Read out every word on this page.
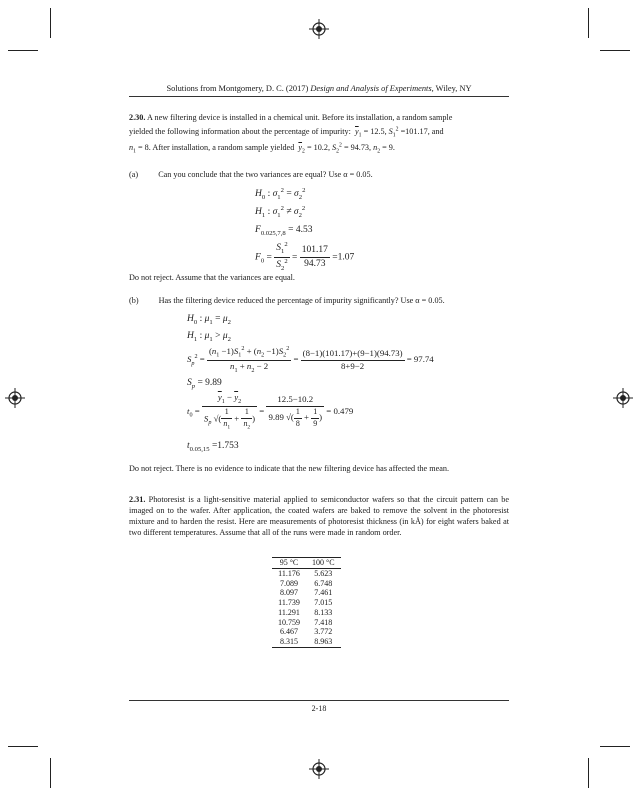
Solutions from Montgomery, D. C. (2017) Design and Analysis of Experiments, Wiley, NY
2.30. A new filtering device is installed in a chemical unit. Before its installation, a random sample
yielded the following information about the percentage of impurity: $\overline{y}_1 = 12.5$, $S_1^2 =101.17$, and
$n_1 = 8$. After installation, a random sample yielded $\overline{y}_2 = 10.2$, $S_2^2 = 94.73$, $n_2 = 9$.
(a) Can you conclude that the two variances are equal? Use α = 0.05.
$H_0$ : $\sigma_1^2 = \sigma_2^2$
$H_1$ : $\sigma_1^2 \ne \sigma_2^2$
$F_{0.025,7,8} = 4.53$
$F_0 = \frac{S_1^2}{S_2^2} = \frac{101.17}{94.73} =1.07$
Do not reject. Assume that the variances are equal.
(b) Has the filtering device reduced the percentage of impurity significantly? Use α = 0.05.
$H_0$ : $\mu_1 = \mu_2$
$H_1$ : $\mu_1 > \mu_2$
$S_p^2 = \frac{(n_1 -1)S_1^2 + (n_2 -1)S_2^2}{n_1 + n_2 - 2} = \frac{(8-1)(101.17)+(9-1)(94.73)}{8+9-2} = 97.74$
$S_p = 9.89$
$t_0 = \frac{\overline{y}_1 - \overline{y}_2}{S_p √( \frac{1}{n_1} + \frac{1}{n_2} )} = \frac{12.5-10.2}{9.89 √( \frac{1}{8} + \frac{1}{9} )} = 0.479$
$t_{0.05,15} =1.753$
Do not reject. There is no evidence to indicate that the new filtering device has affected the mean.
2.31. Photoresist is a light-sensitive material applied to semiconductor wafers so that the circuit pattern can be imaged on to the wafer. After application, the coated wafers are baked to remove the solvent in the photoresist mixture and to harden the resist. Here are measurements of photoresist thickness (in kÅ) for eight wafers baked at two different temperatures. Assume that all of the runs were made in random order.
95 °C	100 °C
11.176	5.623
7.089	6.748
8.097	7.461
11.739	7.015
11.291	8.133
10.759	7.418
6.467	3.772
8.315	8.963
2-18
